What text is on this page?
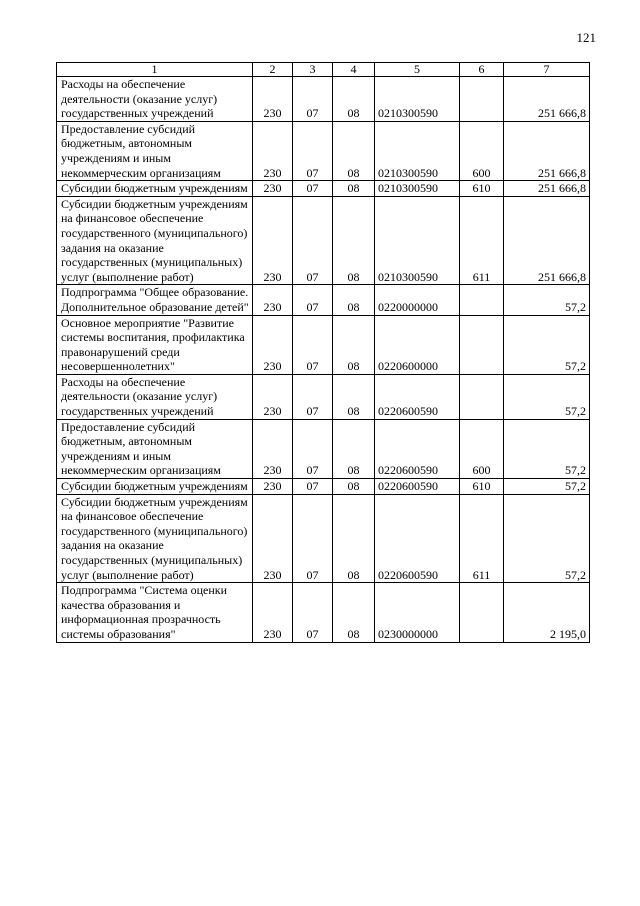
121
1	2	3	4	5	6	7
Расходы на обеспечение деятельности (оказание услуг) государственных учреждений	230	07	08	0210300590		251 666,8
Предоставление субсидий бюджетным, автономным учреждениям и иным некоммерческим организациям	230	07	08	0210300590	600	251 666,8
Субсидии бюджетным учреждениям	230	07	08	0210300590	610	251 666,8
Субсидии бюджетным учреждениям на финансовое обеспечение государственного (муниципального) задания на оказание государственных (муниципальных) услуг (выполнение работ)	230	07	08	0210300590	611	251 666,8
Подпрограмма "Общее образование. Дополнительное образование детей"	230	07	08	0220000000		57,2
Основное мероприятие "Развитие системы воспитания, профилактика правонарушений среди несовершеннолетних"	230	07	08	0220600000		57,2
Расходы на обеспечение деятельности (оказание услуг) государственных учреждений	230	07	08	0220600590		57,2
Предоставление субсидий бюджетным, автономным учреждениям и иным некоммерческим организациям	230	07	08	0220600590	600	57,2
Субсидии бюджетным учреждениям	230	07	08	0220600590	610	57,2
Субсидии бюджетным учреждениям на финансовое обеспечение государственного (муниципального) задания на оказание государственных (муниципальных) услуг (выполнение работ)	230	07	08	0220600590	611	57,2
Подпрограмма "Система оценки качества образования и информационная прозрачность системы образования"	230	07	08	0230000000		2 195,0
